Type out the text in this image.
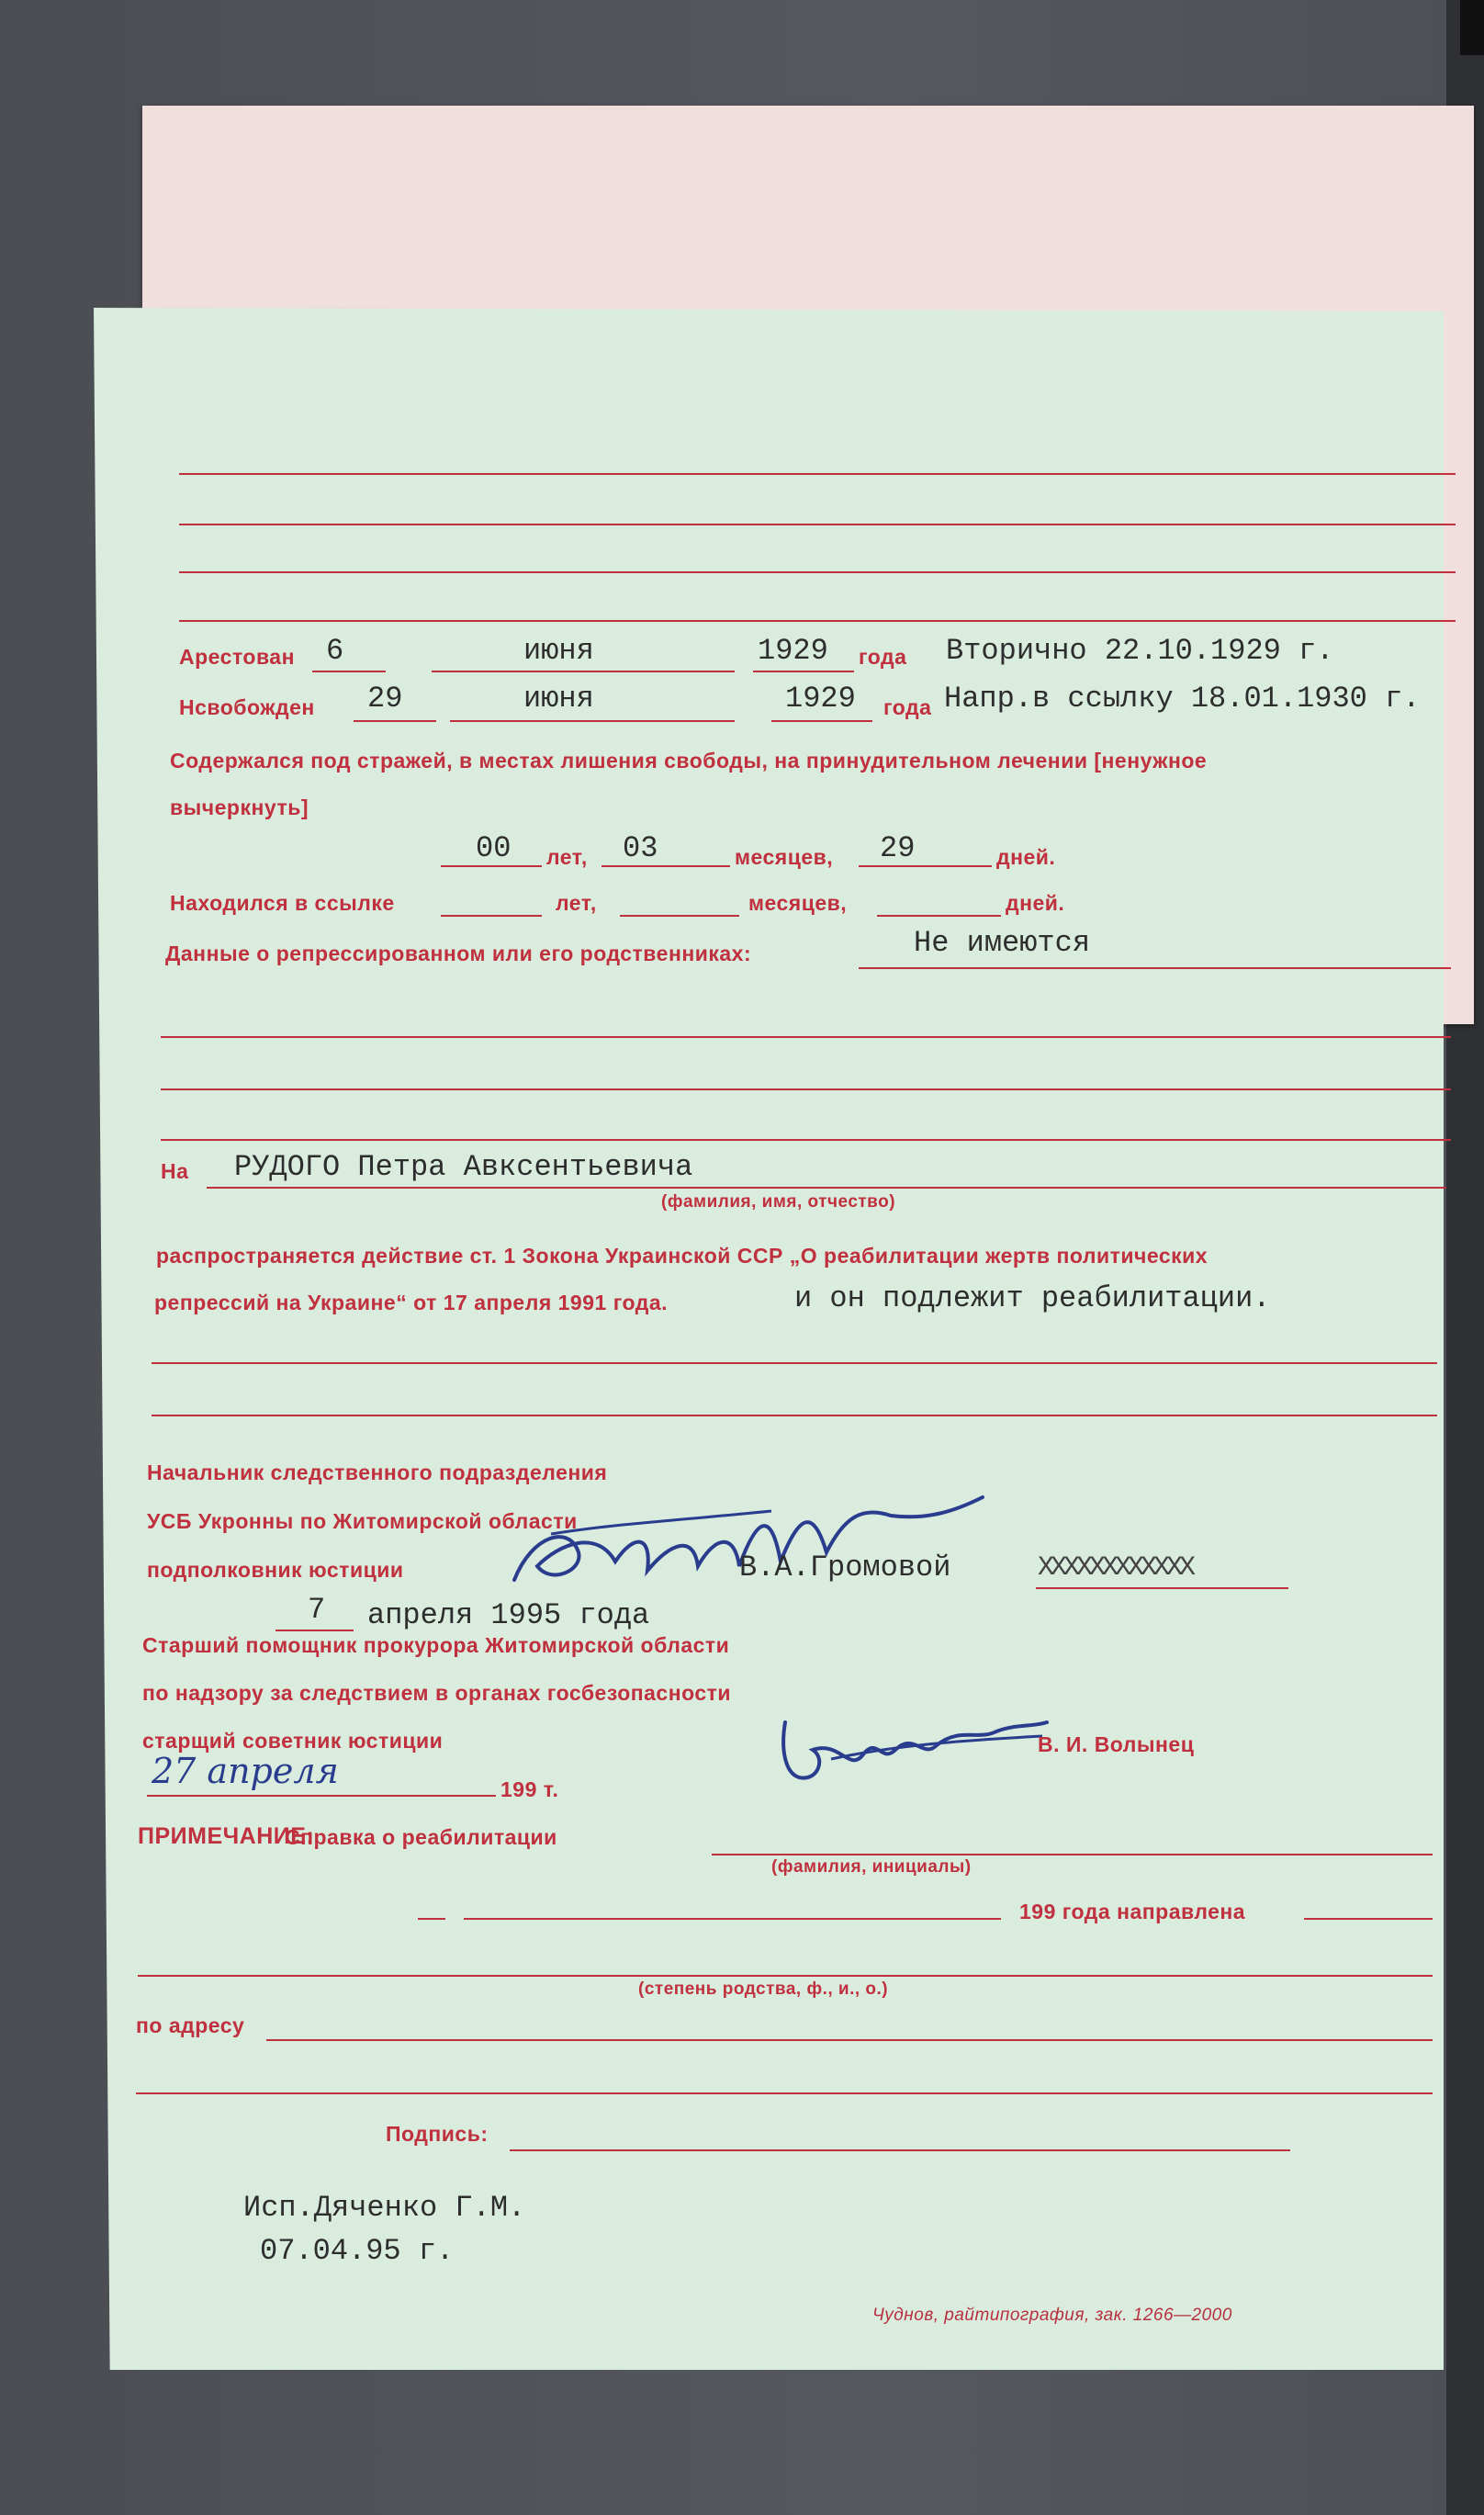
Арестован 6	июня	1929 года Вторично 22.10.1929 г.
Нсвобожден 29	июня	1929 года Напр.в ссылку 18.01.1930 г.
Содержался под стражей, в местах лишения свободы, на принудительном лечении [ненужное
вычеркнуть]
00 лет, 03	месяцев, 29	дней.
Находился в ссылке	лет,	месяцев,	дней.
Данные о репрессированном или его родственниках:	Не имеются
На РУДОГО Петра Авксентьевича
(фамилия, имя, отчество)
распространяется действие ст. 1 Зокона Украинской ССР „О реабилитации жертв политических
репрессий на Украине“ от 17 апреля 1991 года.	и он подлежит реабилитации.
Начальник следственного подразделения
УСБ Укронны по Житомирской области
подполковник юстиции	В.А.Громовой	ХХХХХХХХХХХХ
7 апреля 1995 года
Старший помощник прокурора Житомирской области
по надзору за следствием в органах госбезопасности
старщий советник юстиции	В. И. Волынец
27 апреля	199 т.
ПРИМЕЧАНИЕ:
Справка о реабилитации
(фамилия, инициалы)
199 года направлена
(степень родства, ф., и., о.)
по адресу
Подпись:
Исп.Дяченко Г.М.
07.04.95 г.
Чуднов, райтипография, зак. 1266—2000
